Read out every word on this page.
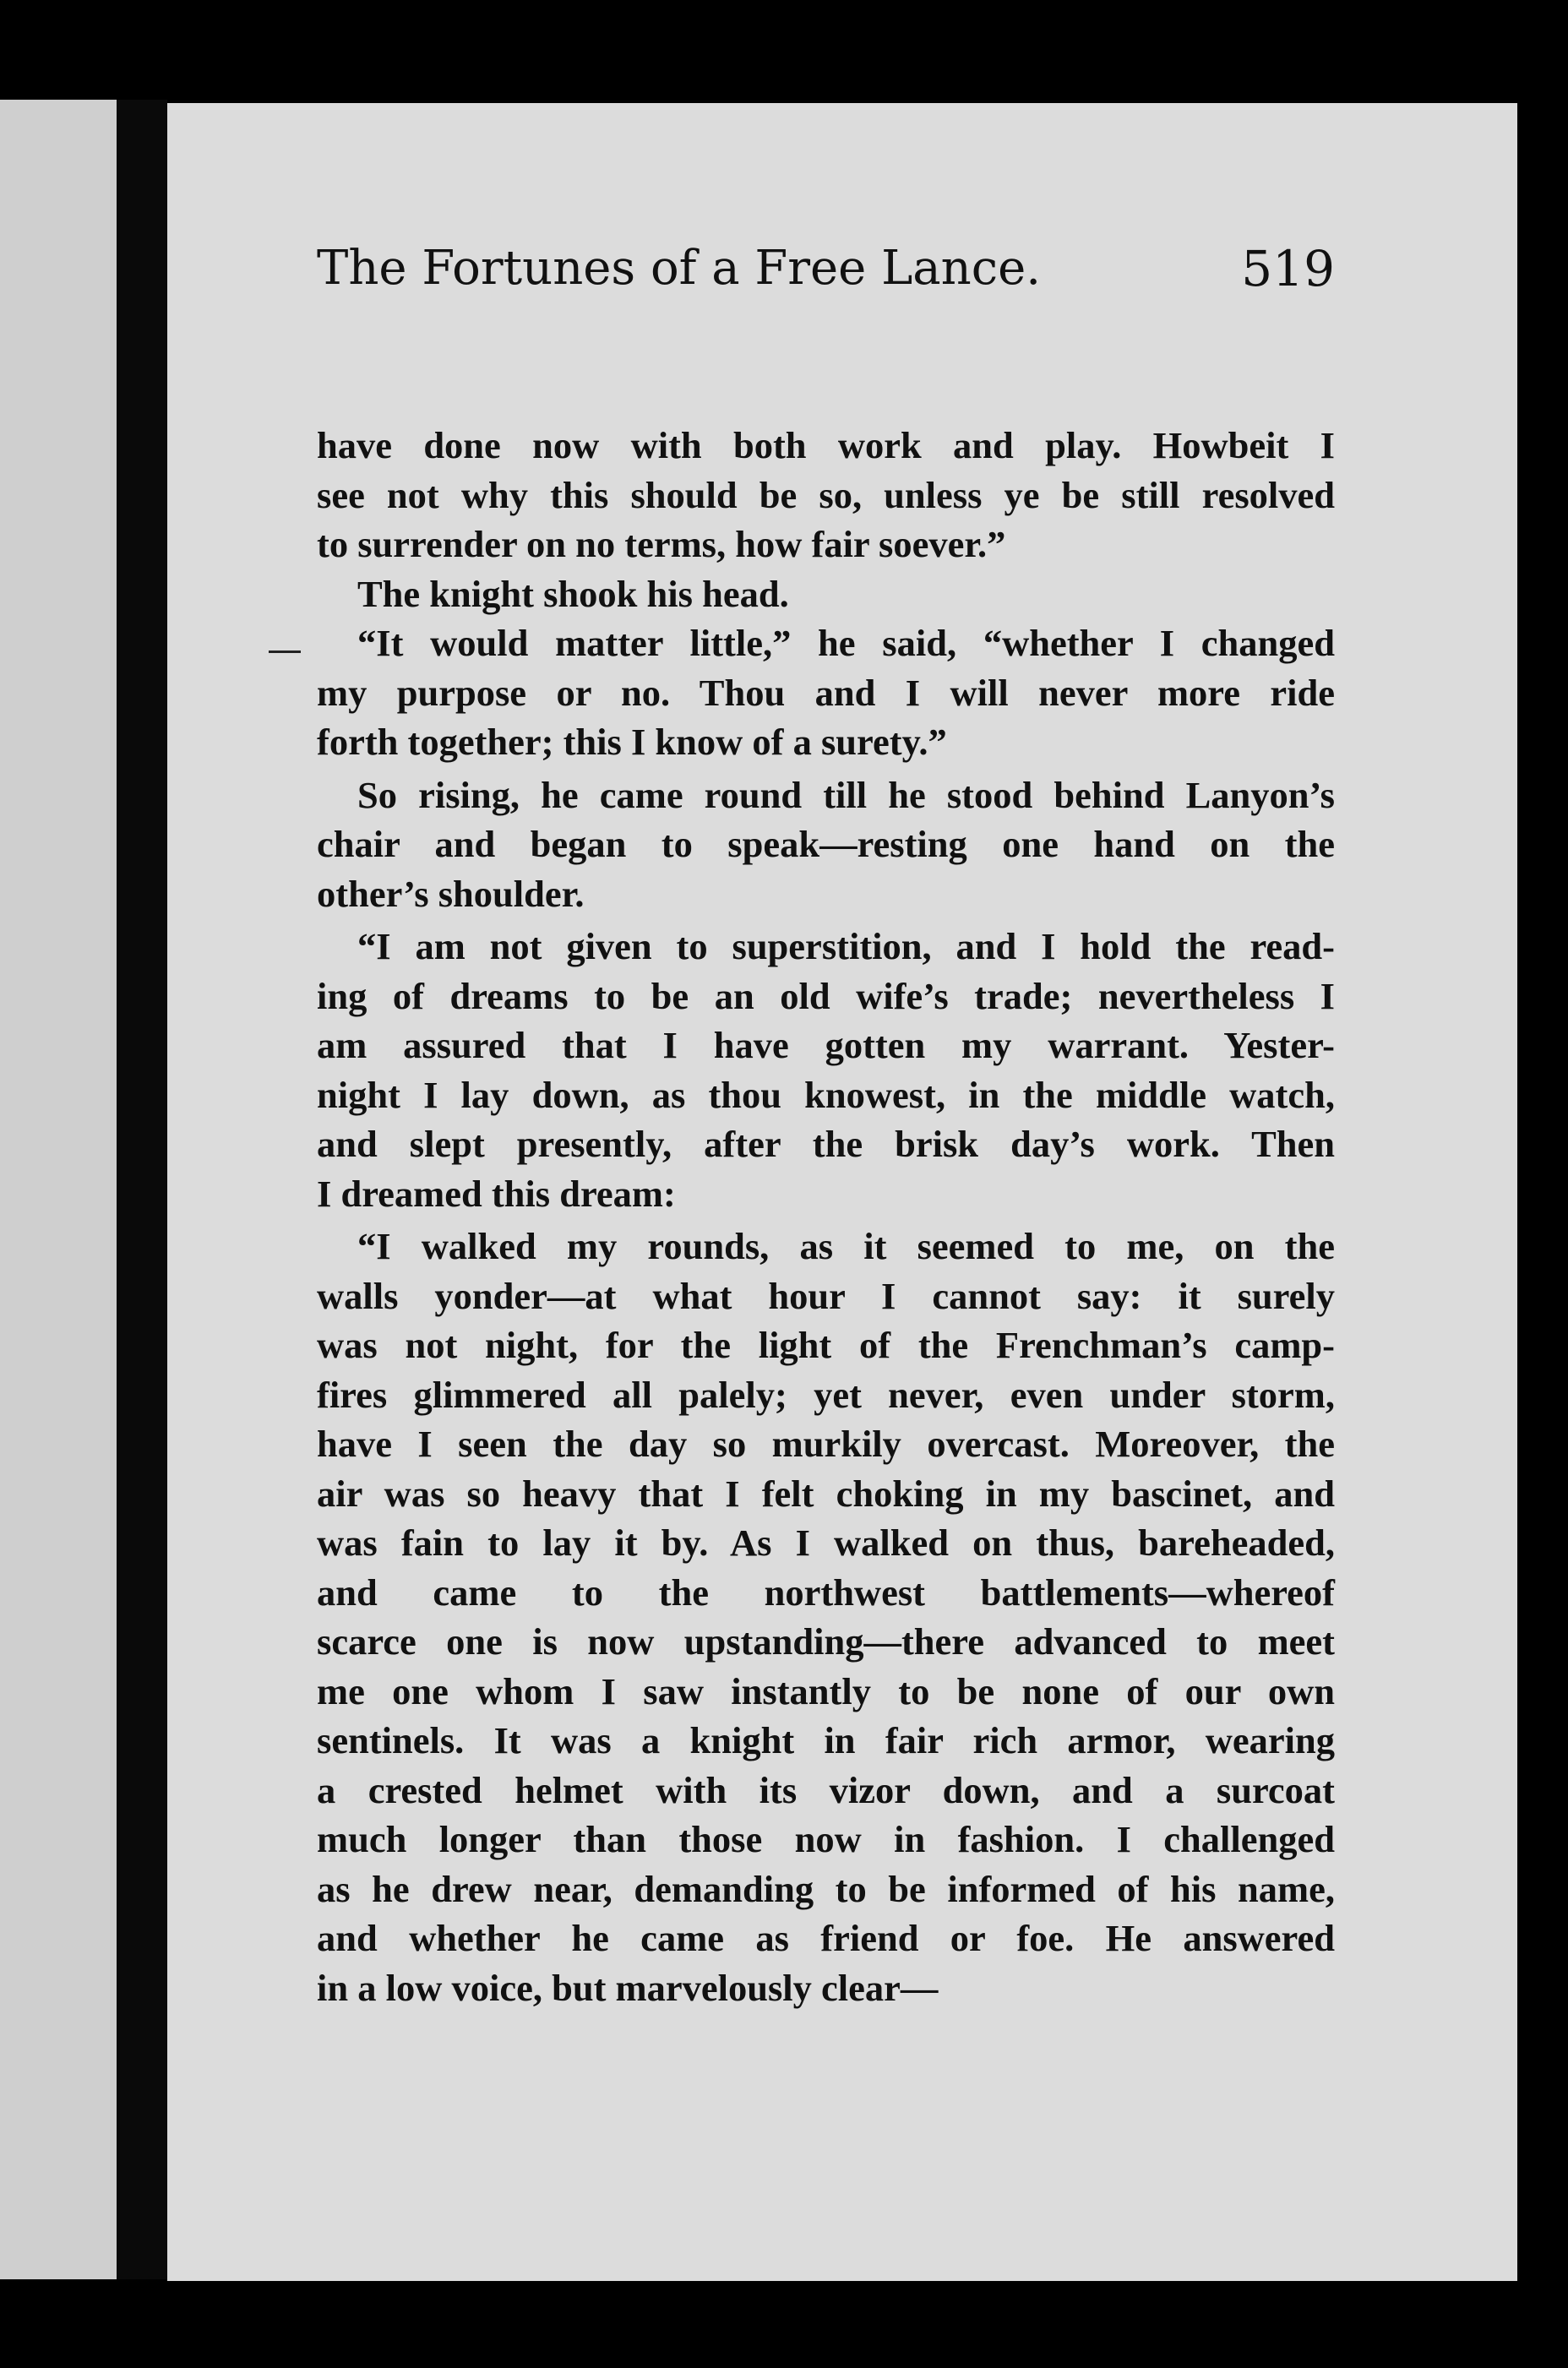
The Fortunes of a Free Lance.	519
have done now with both work and play. Howbeit I
see not why this should be so, unless ye be still resolved
to surrender on no terms, how fair soever.”
The knight shook his head.
“It would matter little,” he said, “whether I changed
my purpose or no. Thou and I will never more ride
forth together; this I know of a surety.”
So rising, he came round till he stood behind Lanyon’s
chair and began to speak—resting one hand on the
other’s shoulder.
“I am not given to superstition, and I hold the read-
ing of dreams to be an old wife’s trade; nevertheless I
am assured that I have gotten my warrant. Yester-
night I lay down, as thou knowest, in the middle watch,
and slept presently, after the brisk day’s work. Then
I dreamed this dream:
“I walked my rounds, as it seemed to me, on the
walls yonder—at what hour I cannot say: it surely
was not night, for the light of the Frenchman’s camp-
fires glimmered all palely; yet never, even under storm,
have I seen the day so murkily overcast. Moreover, the
air was so heavy that I felt choking in my bascinet, and
was fain to lay it by. As I walked on thus, bareheaded,
and came to the northwest battlements—whereof
scarce one is now upstanding—there advanced to meet
me one whom I saw instantly to be none of our own
sentinels. It was a knight in fair rich armor, wearing
a crested helmet with its vizor down, and a surcoat
much longer than those now in fashion. I challenged
as he drew near, demanding to be informed of his name,
and whether he came as friend or foe. He answered
in a low voice, but marvelously clear—
